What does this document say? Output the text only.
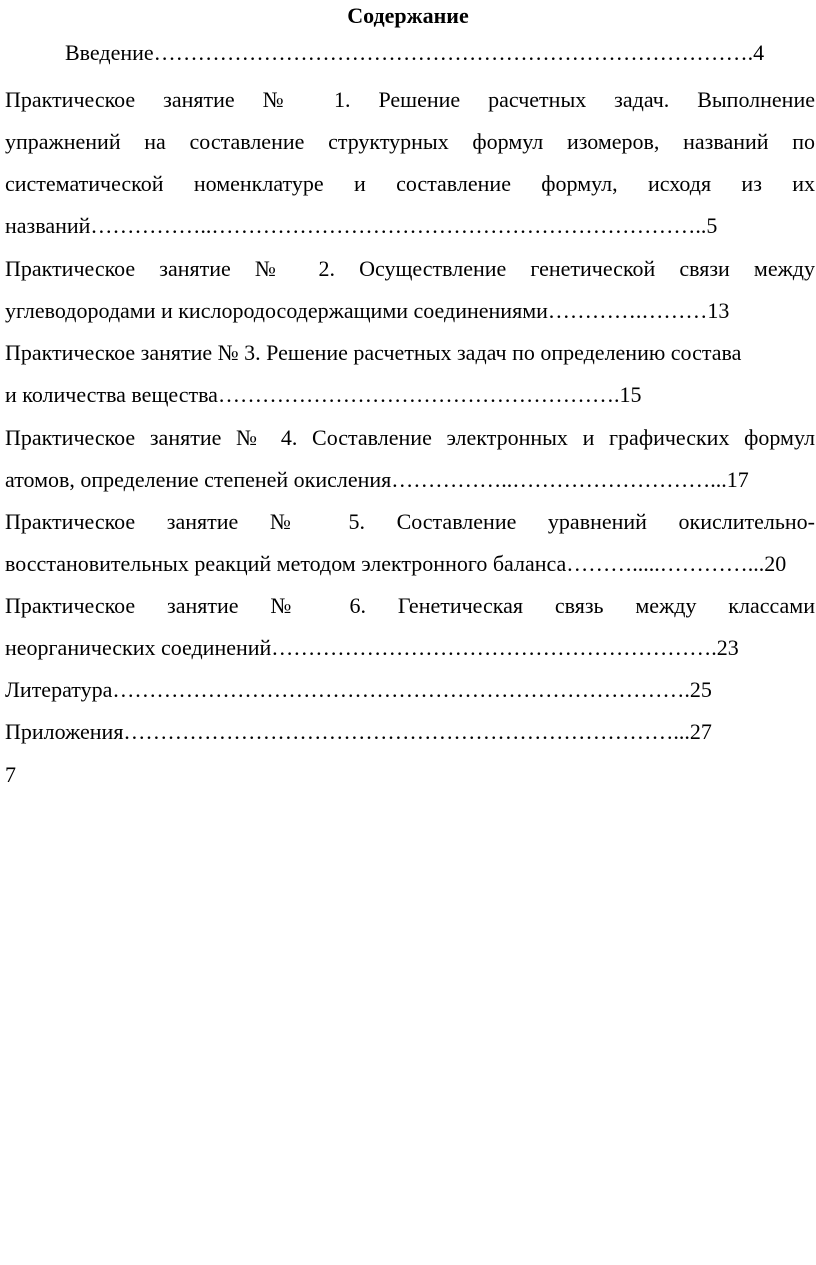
Содержание
Введение……………………………………………………………………….4
Практическое занятие № 1. Решение расчетных задач. Выполнение
упражнений на составление структурных формул изомеров, названий по
систематической номенклатуре и составление формул, исходя из их
названий……………..…………………………………………………………..5
Практическое занятие № 2. Осуществление генетической связи между
углеводородами и кислородосодержащими соединениями………….………13
Практическое занятие № 3. Решение расчетных задач по определению состава
и количества вещества……………………………………………….15
Практическое занятие № 4. Составление электронных и графических формул
атомов, определение степеней окисления……………..………………………...17
Практическое занятие № 5. Составление уравнений окислительно-
восстановительных реакций методом электронного баланса……….....…………...20
Практическое занятие № 6. Генетическая связь между классами
неорганических соединений…………………………………………………….23
Литература…………………………………………………………………….25
Приложения…………………………………………………………………...27
7
